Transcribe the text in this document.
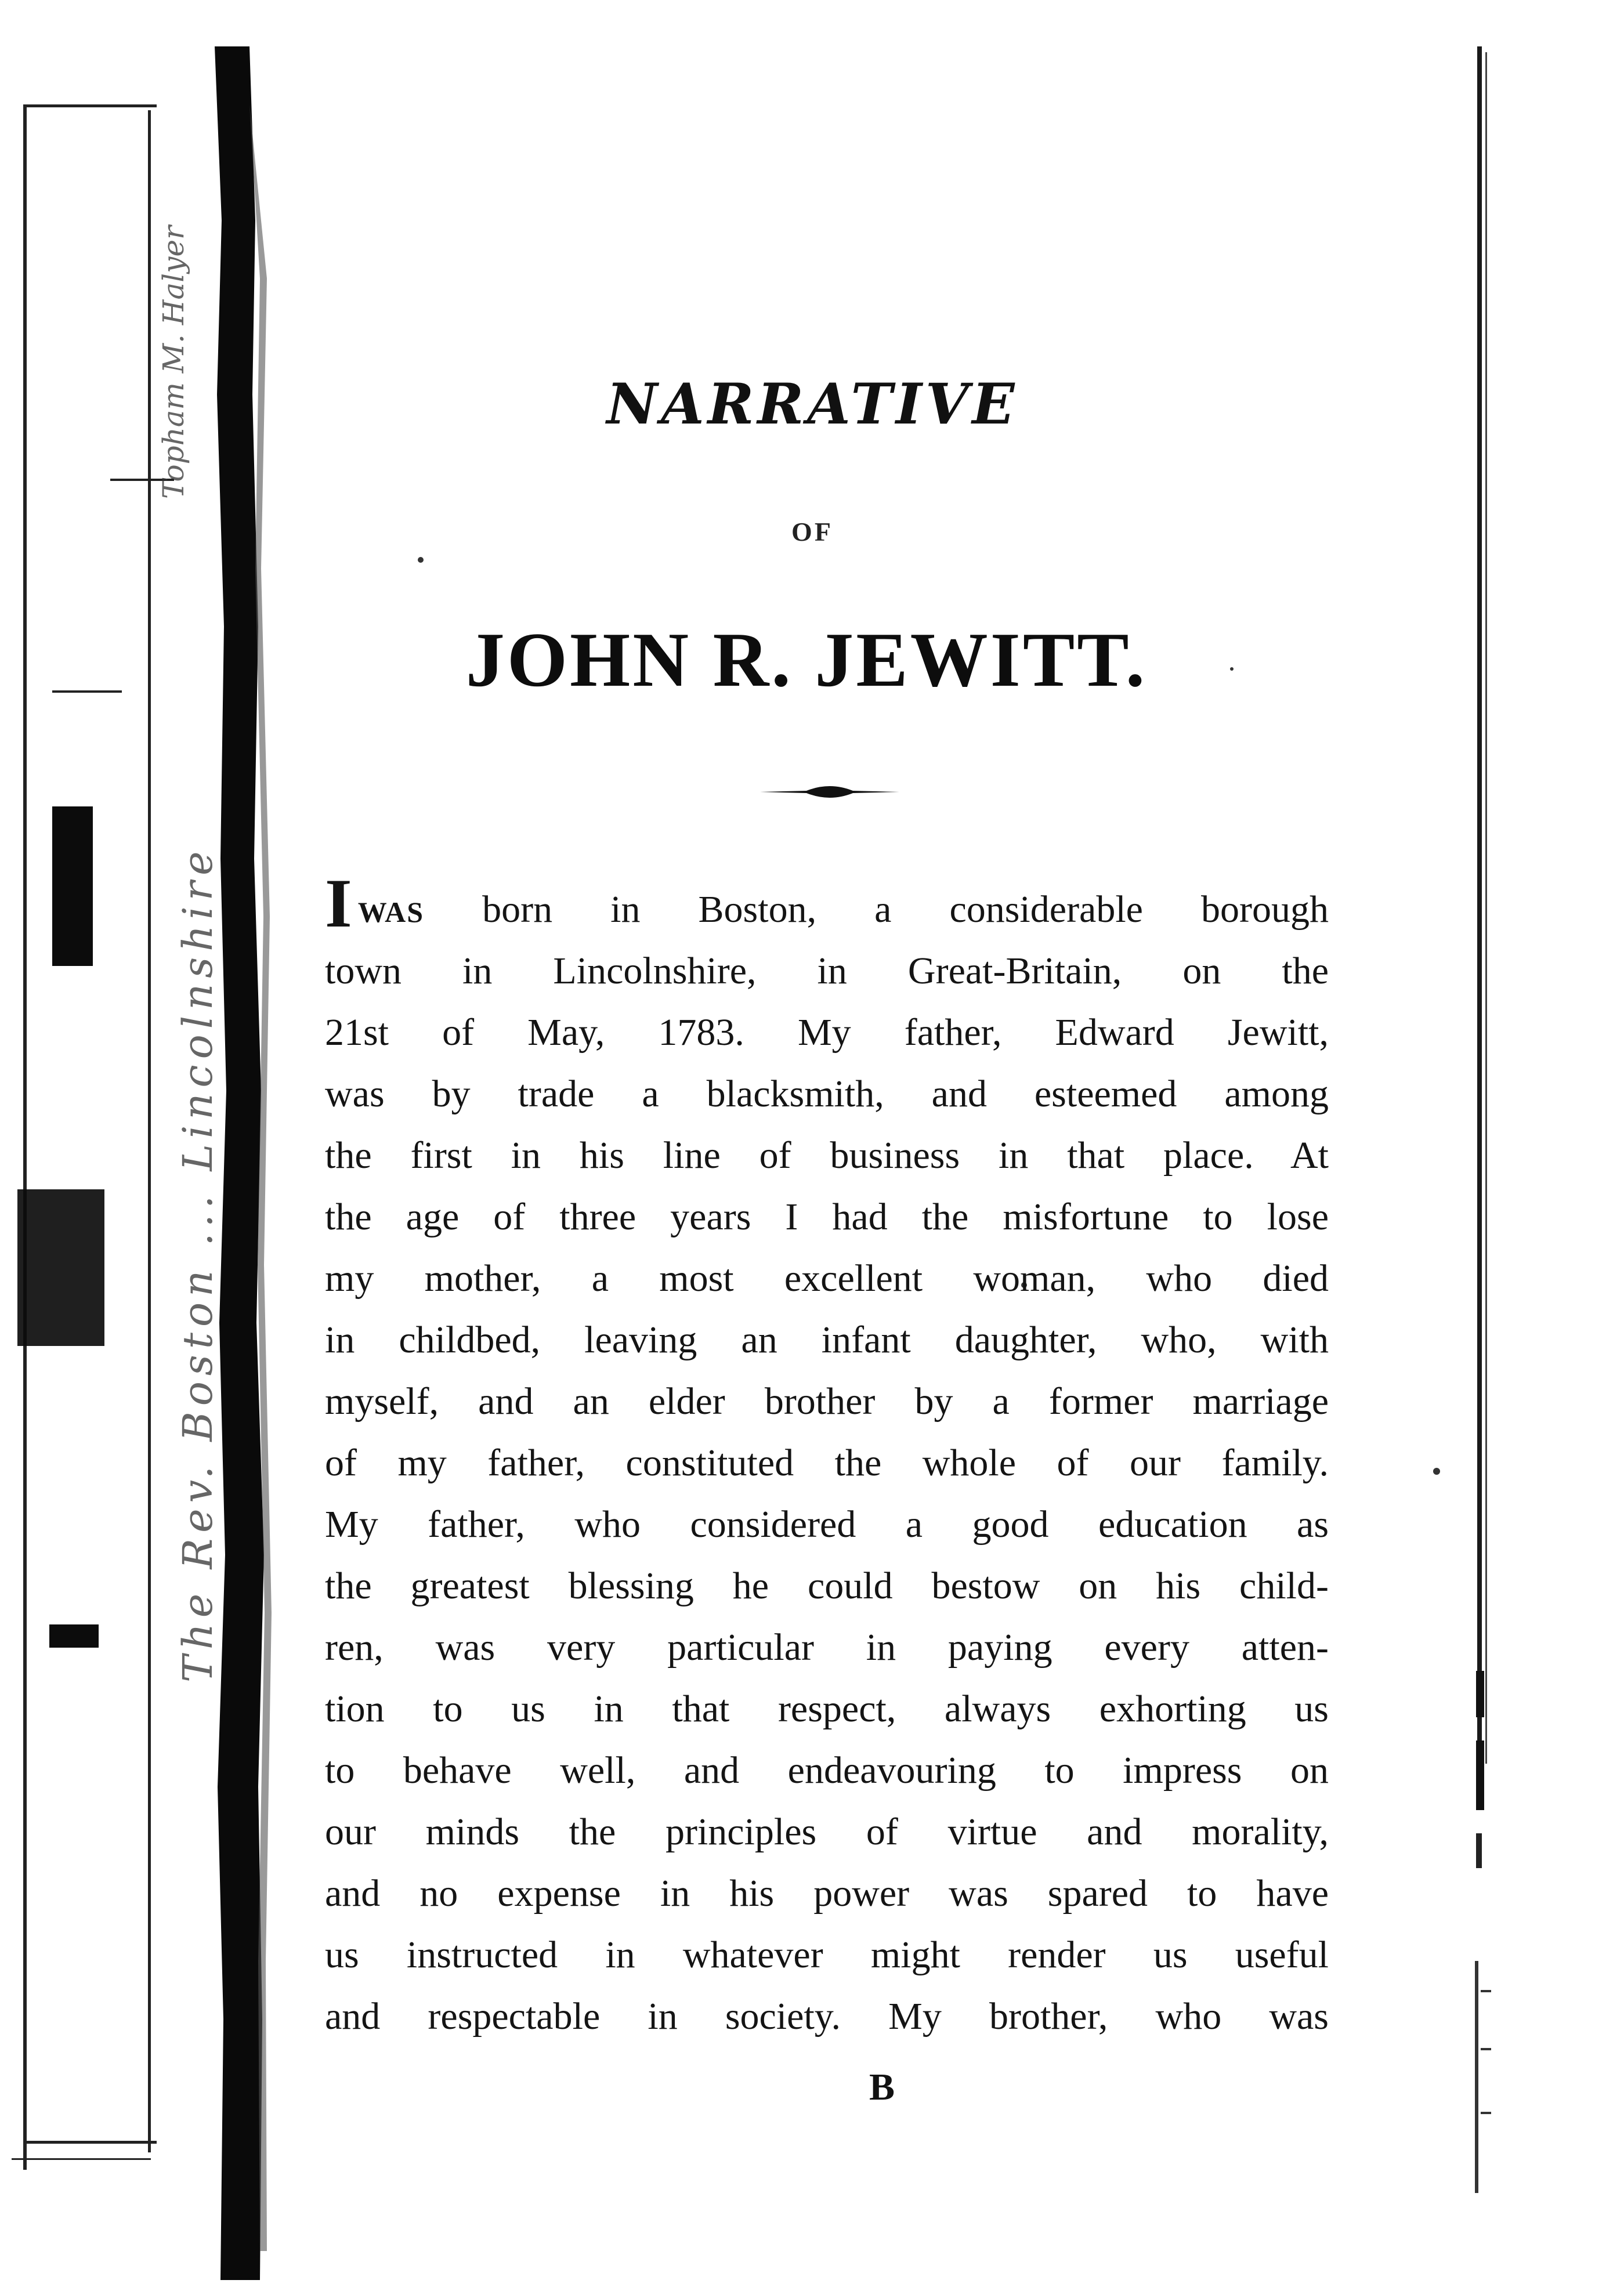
Topham M. Halyer
The Rev. Boston ... Lincolnshire
NARRATIVE
OF
JOHN R. JEWITT.
IWAS born in Boston, a considerable borough
town in Lincolnshire, in Great-Britain, on the
21st of May, 1783. My father, Edward Jewitt,
was by trade a blacksmith, and esteemed among
the first in his line of business in that place. At
the age of three years I had the misfortune to lose
my mother, a most excellent woman, who died
in childbed, leaving an infant daughter, who, with
myself, and an elder brother by a former marriage
of my father, constituted the whole of our family.
My father, who considered a good education as
the greatest blessing he could bestow on his child-
ren, was very particular in paying every atten-
tion to us in that respect, always exhorting us
to behave well, and endeavouring to impress on
our minds the principles of virtue and morality,
and no expense in his power was spared to have
us instructed in whatever might render us useful
and respectable in society. My brother, who was
B
